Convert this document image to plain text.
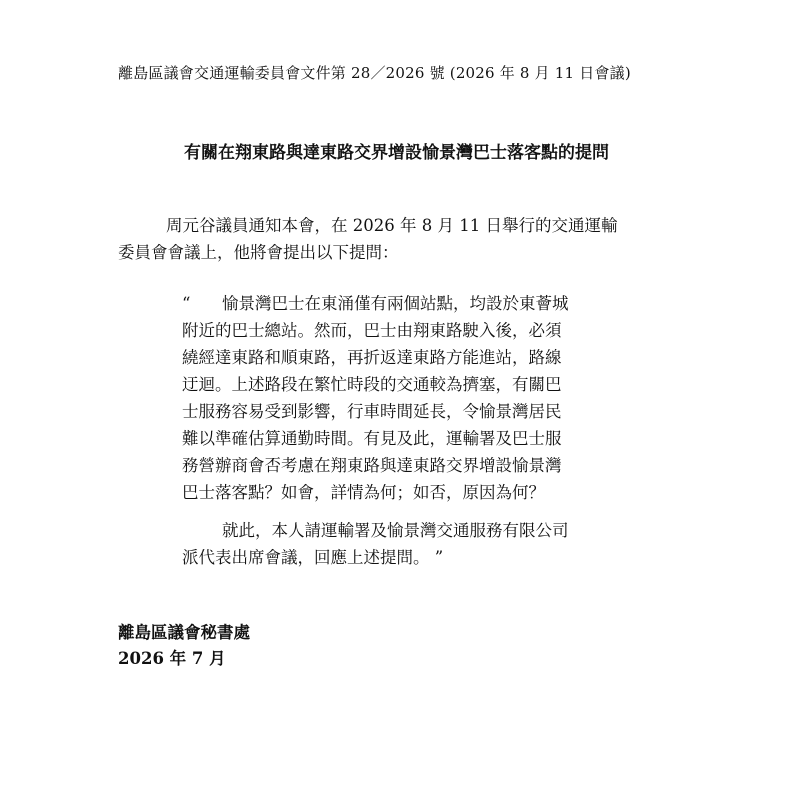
離島區議會交通運輸委員會文件第 28／2026 號 (2026 年 8 月 11 日會議)
有關在翔東路與達東路交界增設愉景灣巴士落客點的提問
周元谷議員通知本會，在 2026 年 8 月 11 日舉行的交通運輸
委員會會議上，他將會提出以下提問：
“ 愉景灣巴士在東涌僅有兩個站點，均設於東薈城
附近的巴士總站。然而，巴士由翔東路駛入後，必須
繞經達東路和順東路，再折返達東路方能進站，路線
迂迴。上述路段在繁忙時段的交通較為擠塞，有關巴
士服務容易受到影響，行車時間延長，令愉景灣居民
難以準確估算通勤時間。有見及此，運輸署及巴士服
務營辦商會否考慮在翔東路與達東路交界增設愉景灣
巴士落客點？如會，詳情為何；如否，原因為何？
就此，本人請運輸署及愉景灣交通服務有限公司
派代表出席會議，回應上述提問。 ”
離島區議會秘書處
2026 年 7 月
